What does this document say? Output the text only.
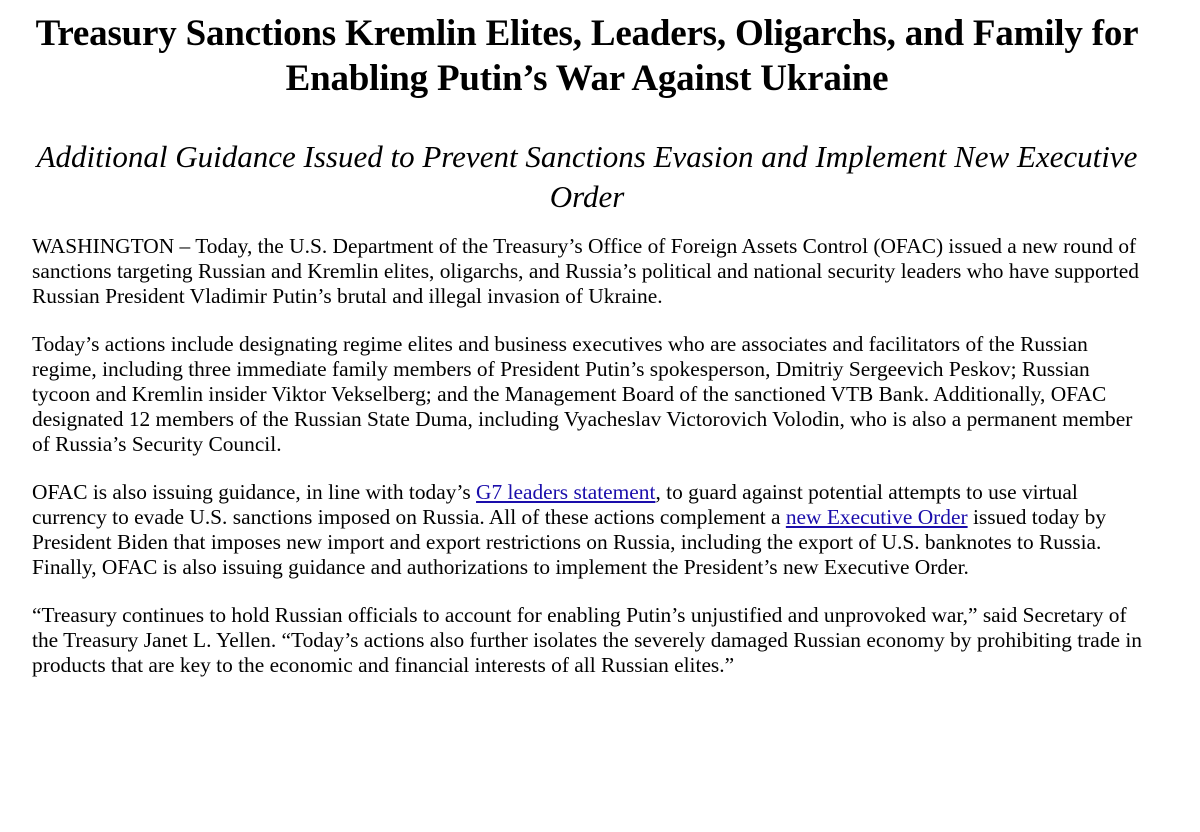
Treasury Sanctions Kremlin Elites, Leaders, Oligarchs, and Family for Enabling Putin’s War Against Ukraine
Additional Guidance Issued to Prevent Sanctions Evasion and Implement New Executive Order

WASHINGTON – Today, the U.S. Department of the Treasury’s Office of Foreign Assets Control (OFAC) issued a new round of sanctions targeting Russian and Kremlin elites, oligarchs, and Russia’s political and national security leaders who have supported Russian President Vladimir Putin’s brutal and illegal invasion of Ukraine.

Today’s actions include designating regime elites and business executives who are associates and facilitators of the Russian regime, including three immediate family members of President Putin’s spokesperson, Dmitriy Sergeevich Peskov; Russian tycoon and Kremlin insider Viktor Vekselberg; and the Management Board of the sanctioned VTB Bank. Additionally, OFAC designated 12 members of the Russian State Duma, including Vyacheslav Victorovich Volodin, who is also a permanent member of Russia’s Security Council.

OFAC is also issuing guidance, in line with today’s G7 leaders statement, to guard against potential attempts to use virtual currency to evade U.S. sanctions imposed on Russia. All of these actions complement a new Executive Order issued today by President Biden that imposes new import and export restrictions on Russia, including the export of U.S. banknotes to Russia. Finally, OFAC is also issuing guidance and authorizations to implement the President’s new Executive Order.

“Treasury continues to hold Russian officials to account for enabling Putin’s unjustified and unprovoked war,” said Secretary of the Treasury Janet L. Yellen. “Today’s actions also further isolates the severely damaged Russian economy by prohibiting trade in products that are key to the economic and financial interests of all Russian elites.”
